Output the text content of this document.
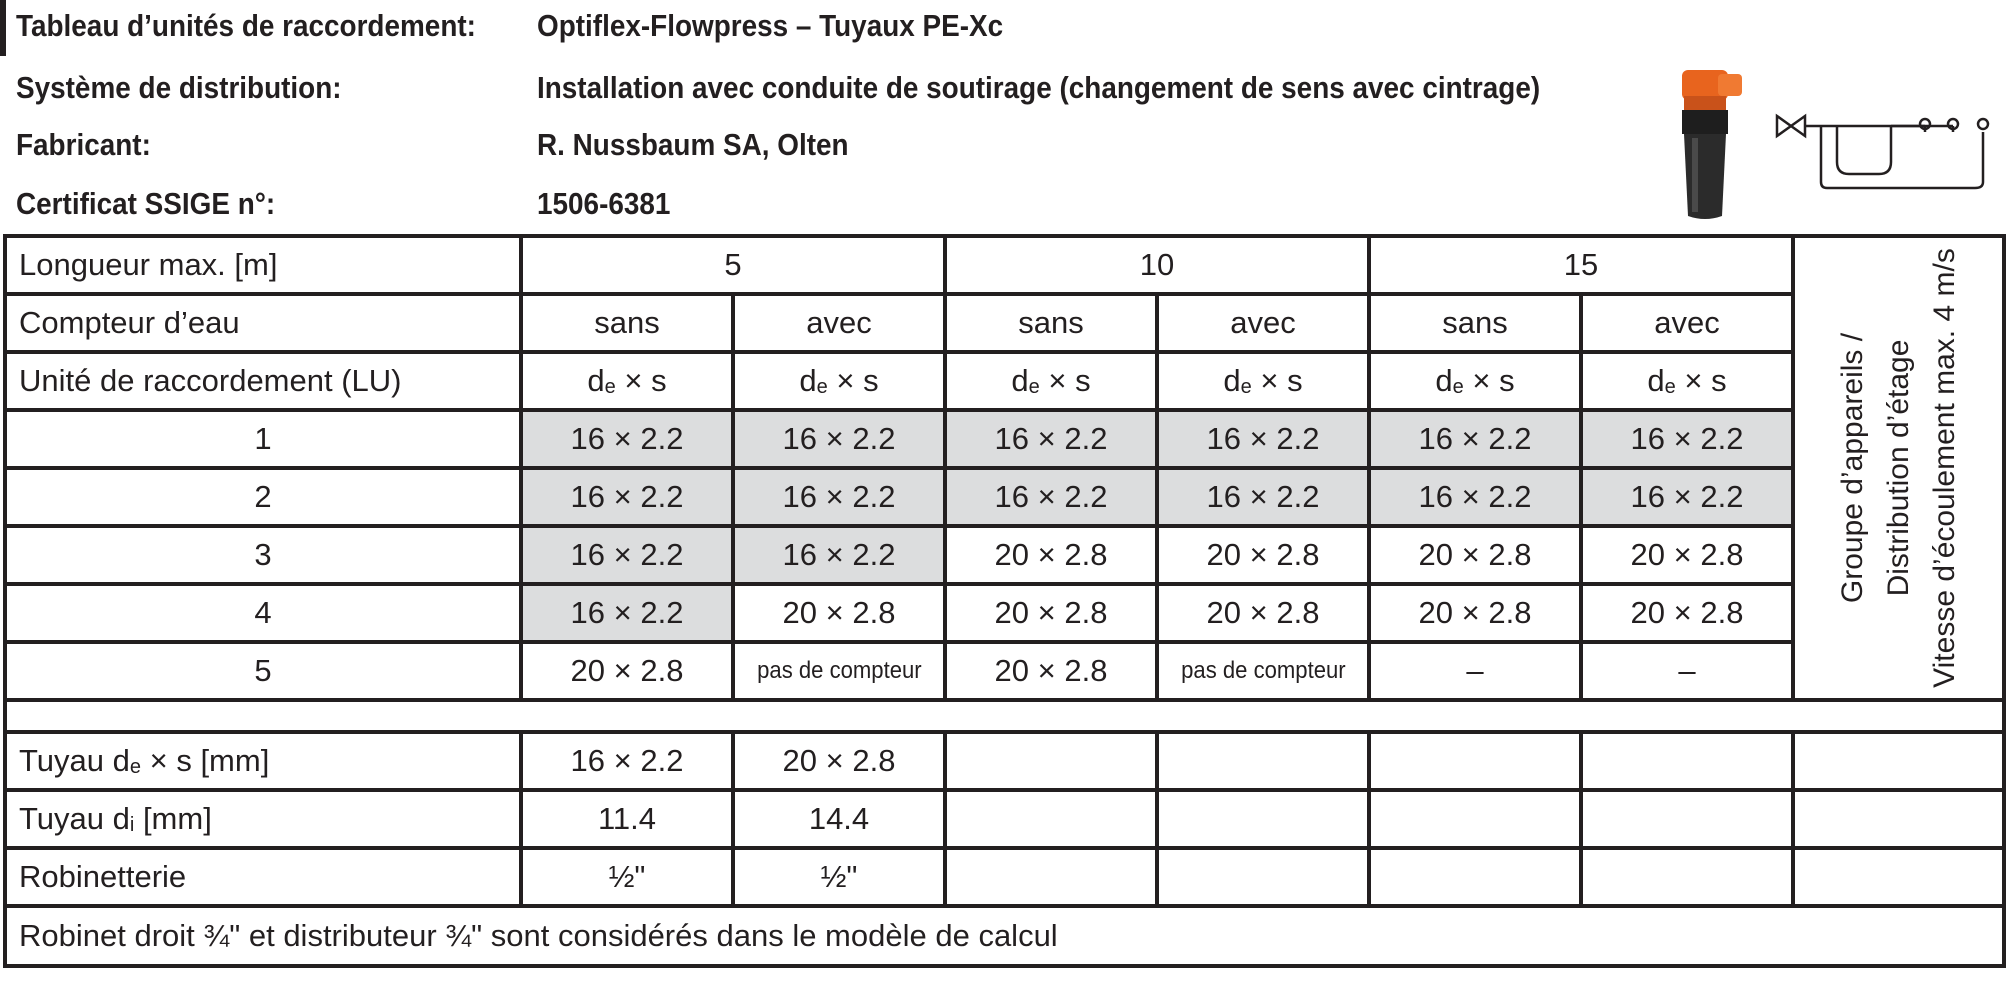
Tableau d’unités de raccordement: Optiflex-Flowpress – Tuyaux PE-Xc
Système de distribution:	Installation avec conduite de soutirage (changement de sens avec cintrage)
Fabricant:	R. Nussbaum SA, Olten
Certificat SSIGE n°:	1506-6381
Longueur max. [m]	5		10		15		Groupe d’appareils / Distribution d’étage Vitesse d’écoulement max. 4 m/s

Compteur d’eau	sans	avec	sans	avec	sans	avec	
Unité de raccordement (LU)	$d_e \times s$	$d_e \times s$	$d_e \times s$	$d_e \times s$	$d_e \times s$	$d_e \times s$	
1	16 × 2.2	16 × 2.2	16 × 2.2	16 × 2.2	16 × 2.2	16 × 2.2	
2	16 × 2.2	16 × 2.2	16 × 2.2	16 × 2.2	16 × 2.2	16 × 2.2	
3	16 × 2.2	16 × 2.2	20 × 2.8	20 × 2.8	20 × 2.8	20 × 2.8	
4	16 × 2.2	20 × 2.8	20 × 2.8	20 × 2.8	20 × 2.8	20 × 2.8	
5	20 × 2.8	pas de compteur	20 × 2.8	pas de compteur	–	–	

Tuyau $d_e \times s$ [mm]	16 × 2.2	20 × 2.8					
Tuyau $d_i$ [mm]	11.4	14.4					
Robinetterie	½"	½"					
Robinet droit ¾" et distributeur ¾" sont considérés dans le modèle de calcul							
